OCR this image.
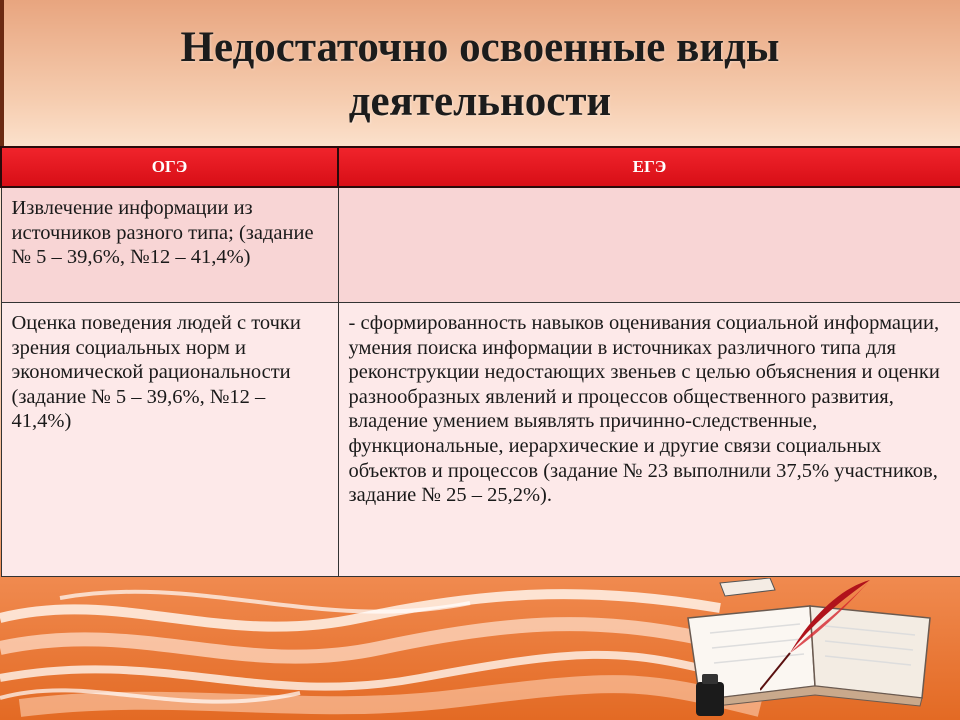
Недостаточно освоенные виды
деятельности
ОГЭ	ЕГЭ
Извлечение информации из источников разного типа; (задание № 5 – 39,6%, №12 – 41,4%)	
Оценка поведения людей с точки зрения социальных норм и экономической рациональности (задание № 5 – 39,6%, №12 – 41,4%)	- сформированность навыков оценивания социальной информации, умения поиска информации в источниках различного типа для реконструкции недостающих звеньев с целью объяснения и оценки разнообразных явлений и процессов общественного развития, владение умением выявлять причинно-следственные, функциональные, иерархические и другие связи социальных объектов и процессов (задание № 23 выполнили 37,5% участников, задание № 25 – 25,2%).
